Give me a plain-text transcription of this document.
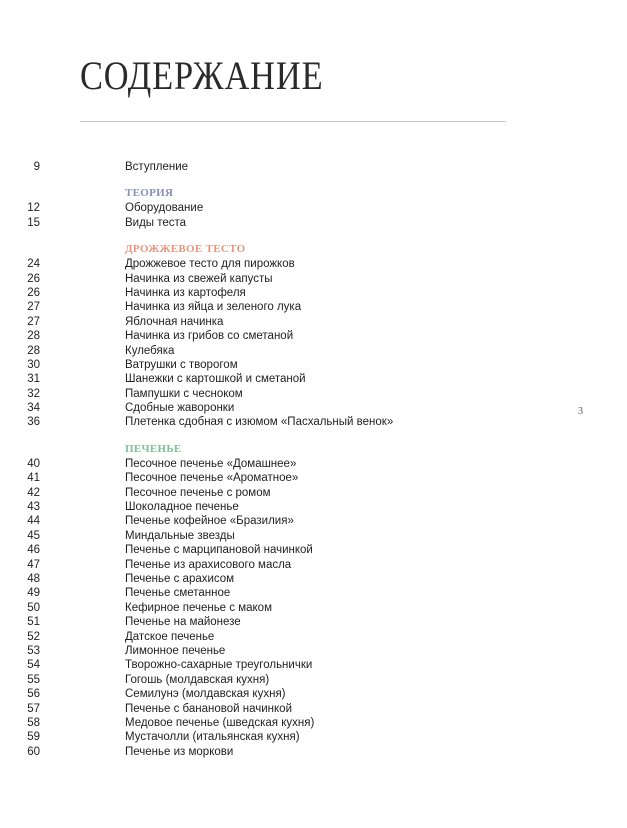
СОДЕРЖАНИЕ
9	Вступление
ТЕОРИЯ
12	Оборудование
15	Виды теста
ДРОЖЖЕВОЕ ТЕСТО
24	Дрожжевое тесто для пирожков
26	Начинка из свежей капусты
26	Начинка из картофеля
27	Начинка из яйца и зеленого лука
27	Яблочная начинка
28	Начинка из грибов со сметаной
28	Кулебяка
30	Ватрушки с творогом
31	Шанежки с картошкой и сметаной
32	Пампушки с чесноком
34	Сдобные жаворонки
36	Плетенка сдобная с изюмом «Пасхальный венок»
ПЕЧЕНЬЕ
40	Песочное печенье «Домашнее»
41	Песочное печенье «Ароматное»
42	Песочное печенье с ромом
43	Шоколадное печенье
44	Печенье кофейное «Бразилия»
45	Миндальные звезды
46	Печенье с марципановой начинкой
47	Печенье из арахисового масла
48	Печенье с арахисом
49	Печенье сметанное
50	Кефирное печенье с маком
51	Печенье на майонезе
52	Датское печенье
53	Лимонное печенье
54	Творожно-сахарные треугольнички
55	Гогошь (молдавская кухня)
56	Семилунэ (молдавская кухня)
57	Печенье с банановой начинкой
58	Медовое печенье (шведская кухня)
59	Мустачолли (итальянская кухня)
60	Печенье из моркови
3
